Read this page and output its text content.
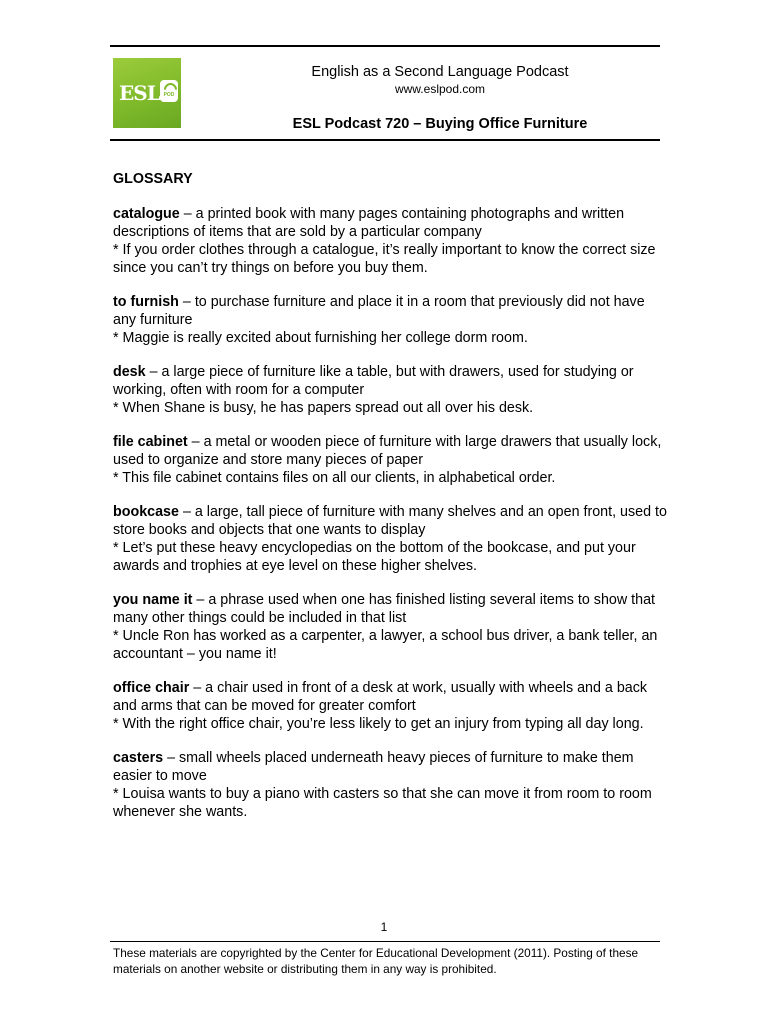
ESL POD
English as a Second Language Podcast
www.eslpod.com
ESL Podcast 720 – Buying Office Furniture
GLOSSARY
catalogue – a printed book with many pages containing photographs and written descriptions of items that are sold by a particular company
* If you order clothes through a catalogue, it’s really important to know the correct size since you can’t try things on before you buy them.
to furnish – to purchase furniture and place it in a room that previously did not have any furniture
* Maggie is really excited about furnishing her college dorm room.
desk – a large piece of furniture like a table, but with drawers, used for studying or working, often with room for a computer
* When Shane is busy, he has papers spread out all over his desk.
file cabinet – a metal or wooden piece of furniture with large drawers that usually lock, used to organize and store many pieces of paper
* This file cabinet contains files on all our clients, in alphabetical order.
bookcase – a large, tall piece of furniture with many shelves and an open front, used to store books and objects that one wants to display
* Let’s put these heavy encyclopedias on the bottom of the bookcase, and put your awards and trophies at eye level on these higher shelves.
you name it – a phrase used when one has finished listing several items to show that many other things could be included in that list
* Uncle Ron has worked as a carpenter, a lawyer, a school bus driver, a bank teller, an accountant – you name it!
office chair – a chair used in front of a desk at work, usually with wheels and a back and arms that can be moved for greater comfort
* With the right office chair, you’re less likely to get an injury from typing all day long.
casters – small wheels placed underneath heavy pieces of furniture to make them easier to move
* Louisa wants to buy a piano with casters so that she can move it from room to room whenever she wants.
1
These materials are copyrighted by the Center for Educational Development (2011). Posting of these materials on another website or distributing them in any way is prohibited.
